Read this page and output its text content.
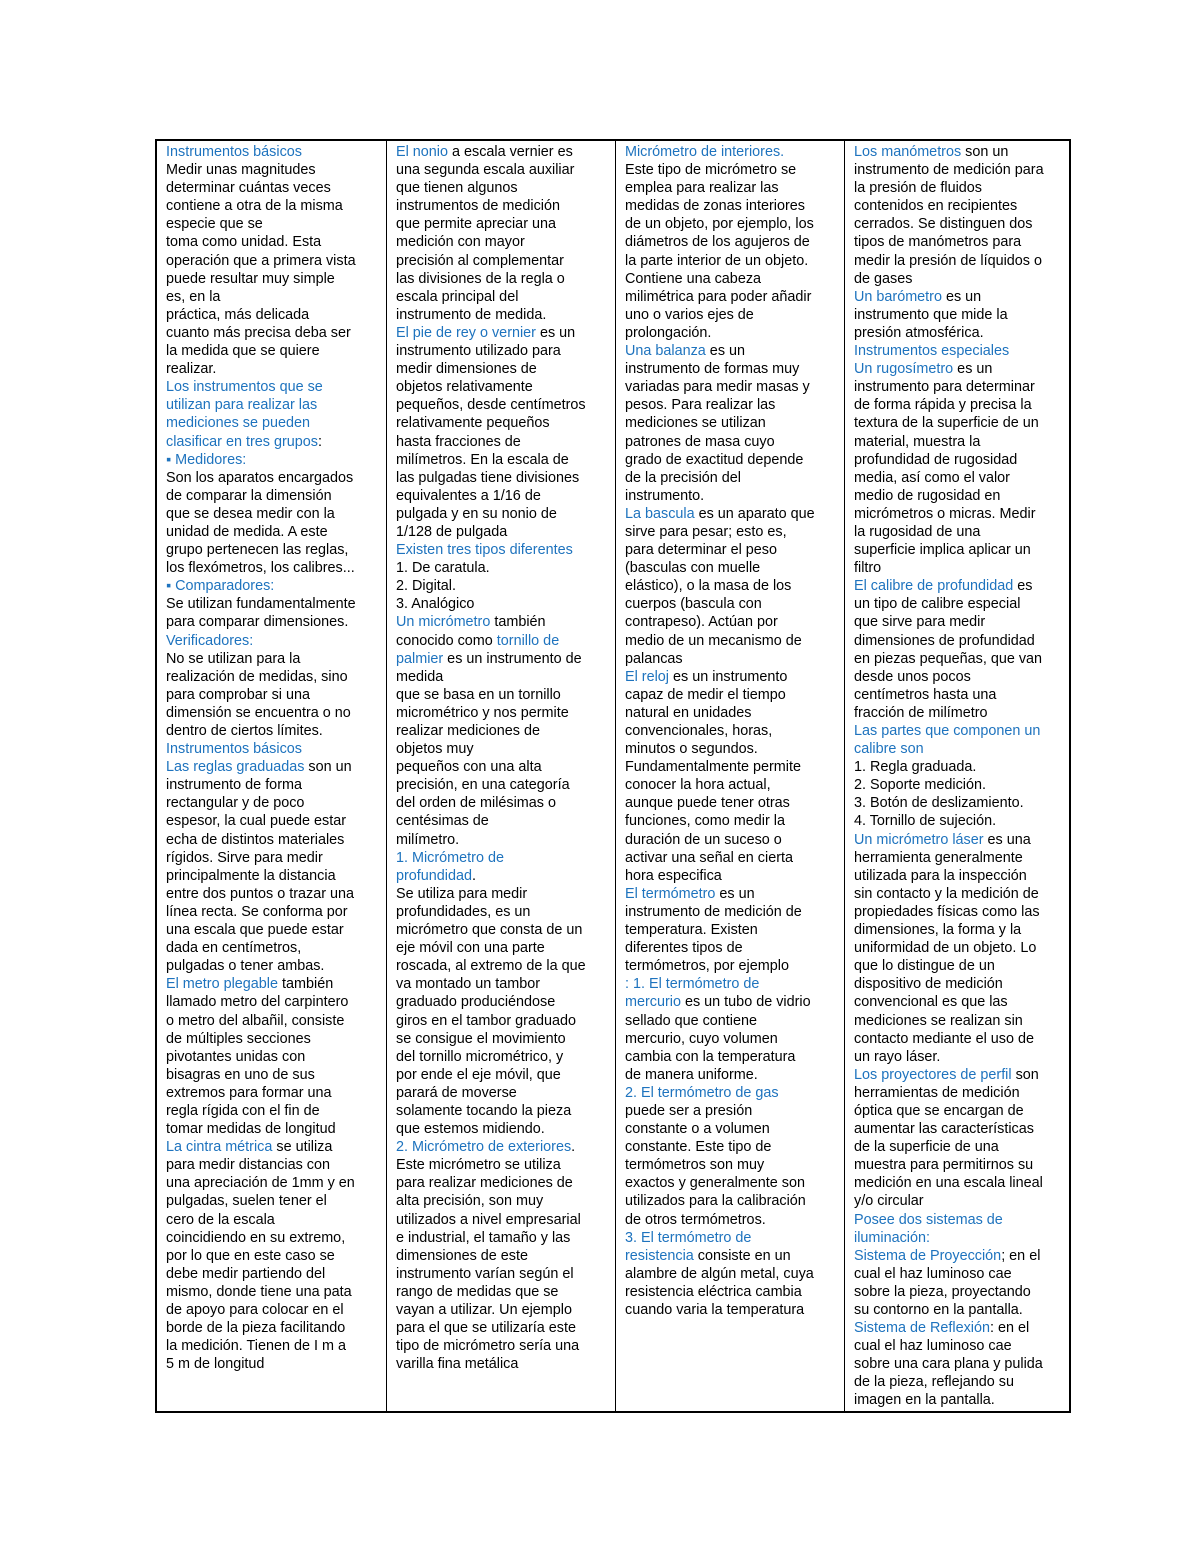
Instrumentos básicos
Medir unas magnitudes
determinar cuántas veces
contiene a otra de la misma
especie que se
toma como unidad. Esta
operación que a primera vista
puede resultar muy simple
es, en la
práctica, más delicada
cuanto más precisa deba ser
la medida que se quiere
realizar.
Los instrumentos que se
utilizan para realizar las
mediciones se pueden
clasificar en tres grupos:
▪ Medidores:
Son los aparatos encargados
de comparar la dimensión
que se desea medir con la
unidad de medida. A este
grupo pertenecen las reglas,
los flexómetros, los calibres...
▪ Comparadores:
Se utilizan fundamentalmente
para comparar dimensiones.
Verificadores:
No se utilizan para la
realización de medidas, sino
para comprobar si una
dimensión se encuentra o no
dentro de ciertos límites.
Instrumentos básicos
Las reglas graduadas son un
instrumento de forma
rectangular y de poco
espesor, la cual puede estar
echa de distintos materiales
rígidos. Sirve para medir
principalmente la distancia
entre dos puntos o trazar una
línea recta. Se conforma por
una escala que puede estar
dada en centímetros,
pulgadas o tener ambas.
El metro plegable también
llamado metro del carpintero
o metro del albañil, consiste
de múltiples secciones
pivotantes unidas con
bisagras en uno de sus
extremos para formar una
regla rígida con el fin de
tomar medidas de longitud
La cintra métrica se utiliza
para medir distancias con
una apreciación de 1mm y en
pulgadas, suelen tener el
cero de la escala
coincidiendo en su extremo,
por lo que en este caso se
debe medir partiendo del
mismo, donde tiene una pata
de apoyo para colocar en el
borde de la pieza facilitando
la medición. Tienen de I m a
5 m de longitud
El nonio a escala vernier es
una segunda escala auxiliar
que tienen algunos
instrumentos de medición
que permite apreciar una
medición con mayor
precisión al complementar
las divisiones de la regla o
escala principal del
instrumento de medida.
El pie de rey o vernier es un
instrumento utilizado para
medir dimensiones de
objetos relativamente
pequeños, desde centímetros
relativamente pequeños
hasta fracciones de
milímetros. En la escala de
las pulgadas tiene divisiones
equivalentes a 1/16 de
pulgada y en su nonio de
1/128 de pulgada
Existen tres tipos diferentes
1. De caratula.
2. Digital.
3. Analógico
Un micrómetro también
conocido como tornillo de
palmier es un instrumento de
medida
que se basa en un tornillo
micrométrico y nos permite
realizar mediciones de
objetos muy
pequeños con una alta
precisión, en una categoría
del orden de milésimas o
centésimas de
milímetro.
1. Micrómetro de
profundidad.
Se utiliza para medir
profundidades, es un
micrómetro que consta de un
eje móvil con una parte
roscada, al extremo de la que
va montado un tambor
graduado produciéndose
giros en el tambor graduado
se consigue el movimiento
del tornillo micrométrico, y
por ende el eje móvil, que
parará de moverse
solamente tocando la pieza
que estemos midiendo.
2. Micrómetro de exteriores.
Este micrómetro se utiliza
para realizar mediciones de
alta precisión, son muy
utilizados a nivel empresarial
e industrial, el tamaño y las
dimensiones de este
instrumento varían según el
rango de medidas que se
vayan a utilizar. Un ejemplo
para el que se utilizaría este
tipo de micrómetro sería una
varilla fina metálica
Micrómetro de interiores.
Este tipo de micrómetro se
emplea para realizar las
medidas de zonas interiores
de un objeto, por ejemplo, los
diámetros de los agujeros de
la parte interior de un objeto.
Contiene una cabeza
milimétrica para poder añadir
uno o varios ejes de
prolongación.
Una balanza es un
instrumento de formas muy
variadas para medir masas y
pesos. Para realizar las
mediciones se utilizan
patrones de masa cuyo
grado de exactitud depende
de la precisión del
instrumento.
La bascula es un aparato que
sirve para pesar; esto es,
para determinar el peso
(basculas con muelle
elástico), o la masa de los
cuerpos (bascula con
contrapeso). Actúan por
medio de un mecanismo de
palancas
El reloj es un instrumento
capaz de medir el tiempo
natural en unidades
convencionales, horas,
minutos o segundos.
Fundamentalmente permite
conocer la hora actual,
aunque puede tener otras
funciones, como medir la
duración de un suceso o
activar una señal en cierta
hora especifica
El termómetro es un
instrumento de medición de
temperatura. Existen
diferentes tipos de
termómetros, por ejemplo
: 1. El termómetro de
mercurio es un tubo de vidrio
sellado que contiene
mercurio, cuyo volumen
cambia con la temperatura
de manera uniforme.
2. El termómetro de gas
puede ser a presión
constante o a volumen
constante. Este tipo de
termómetros son muy
exactos y generalmente son
utilizados para la calibración
de otros termómetros.
3. El termómetro de
resistencia consiste en un
alambre de algún metal, cuya
resistencia eléctrica cambia
cuando varia la temperatura
Los manómetros son un
instrumento de medición para
la presión de fluidos
contenidos en recipientes
cerrados. Se distinguen dos
tipos de manómetros para
medir la presión de líquidos o
de gases
Un barómetro es un
instrumento que mide la
presión atmosférica.
Instrumentos especiales
Un rugosímetro es un
instrumento para determinar
de forma rápida y precisa la
textura de la superficie de un
material, muestra la
profundidad de rugosidad
media, así como el valor
medio de rugosidad en
micrómetros o micras. Medir
la rugosidad de una
superficie implica aplicar un
filtro
El calibre de profundidad es
un tipo de calibre especial
que sirve para medir
dimensiones de profundidad
en piezas pequeñas, que van
desde unos pocos
centímetros hasta una
fracción de milímetro
Las partes que componen un
calibre son
1. Regla graduada.
2. Soporte medición.
3. Botón de deslizamiento.
4. Tornillo de sujeción.
Un micrómetro láser es una
herramienta generalmente
utilizada para la inspección
sin contacto y la medición de
propiedades físicas como las
dimensiones, la forma y la
uniformidad de un objeto. Lo
que lo distingue de un
dispositivo de medición
convencional es que las
mediciones se realizan sin
contacto mediante el uso de
un rayo láser.
Los proyectores de perfil son
herramientas de medición
óptica que se encargan de
aumentar las características
de la superficie de una
muestra para permitirnos su
medición en una escala lineal
y/o circular
Posee dos sistemas de
iluminación:
Sistema de Proyección; en el
cual el haz luminoso cae
sobre la pieza, proyectando
su contorno en la pantalla.
Sistema de Reflexión: en el
cual el haz luminoso cae
sobre una cara plana y pulida
de la pieza, reflejando su
imagen en la pantalla.
